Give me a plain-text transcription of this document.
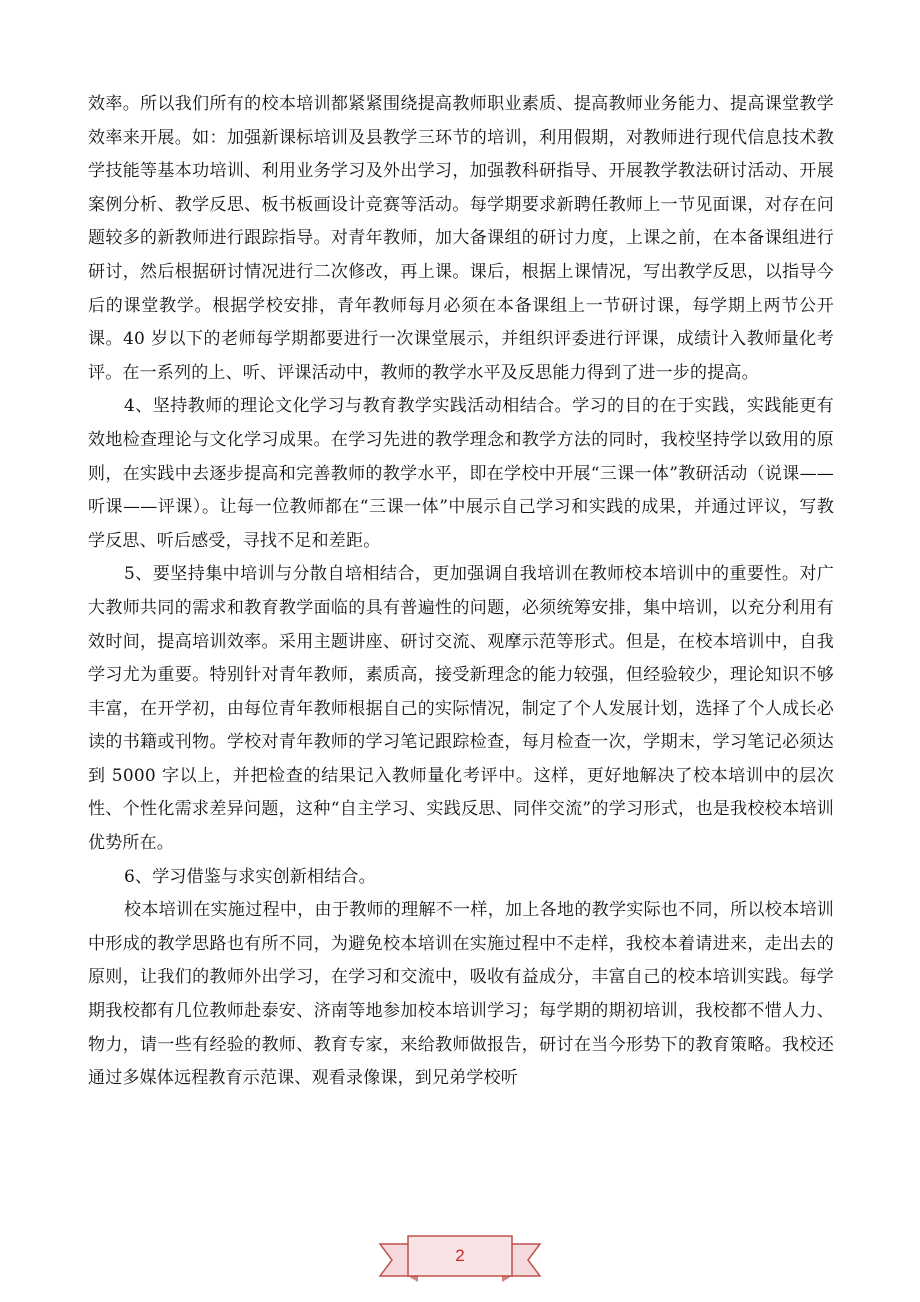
效率。所以我们所有的校本培训都紧紧围绕提高教师职业素质、提高教师业务能力、提高课堂教学效率来开展。如：加强新课标培训及县教学三环节的培训，利用假期，对教师进行现代信息技术教学技能等基本功培训、利用业务学习及外出学习，加强教科研指导、开展教学教法研讨活动、开展案例分析、教学反思、板书板画设计竞赛等活动。每学期要求新聘任教师上一节见面课，对存在问题较多的新教师进行跟踪指导。对青年教师，加大备课组的研讨力度，上课之前，在本备课组进行研讨，然后根据研讨情况进行二次修改，再上课。课后，根据上课情况，写出教学反思，以指导今后的课堂教学。根据学校安排，青年教师每月必须在本备课组上一节研讨课，每学期上两节公开课。40 岁以下的老师每学期都要进行一次课堂展示，并组织评委进行评课，成绩计入教师量化考评。在一系列的上、听、评课活动中，教师的教学水平及反思能力得到了进一步的提高。

4、坚持教师的理论文化学习与教育教学实践活动相结合。学习的目的在于实践，实践能更有效地检查理论与文化学习成果。在学习先进的教学理念和教学方法的同时，我校坚持学以致用的原则，在实践中去逐步提高和完善教师的教学水平，即在学校中开展“三课一体”教研活动（说课——听课——评课）。让每一位教师都在“三课一体”中展示自己学习和实践的成果，并通过评议，写教学反思、听后感受，寻找不足和差距。

5、要坚持集中培训与分散自培相结合，更加强调自我培训在教师校本培训中的重要性。对广大教师共同的需求和教育教学面临的具有普遍性的问题，必须统筹安排，集中培训，以充分利用有效时间，提高培训效率。采用主题讲座、研讨交流、观摩示范等形式。但是，在校本培训中，自我学习尤为重要。特别针对青年教师，素质高，接受新理念的能力较强，但经验较少，理论知识不够丰富，在开学初，由每位青年教师根据自己的实际情况，制定了个人发展计划，选择了个人成长必读的书籍或刊物。学校对青年教师的学习笔记跟踪检查，每月检查一次，学期末，学习笔记必须达到 5000 字以上，并把检查的结果记入教师量化考评中。这样，更好地解决了校本培训中的层次性、个性化需求差异问题，这种“自主学习、实践反思、同伴交流”的学习形式，也是我校校本培训优势所在。

6、学习借鉴与求实创新相结合。

校本培训在实施过程中，由于教师的理解不一样，加上各地的教学实际也不同，所以校本培训中形成的教学思路也有所不同，为避免校本培训在实施过程中不走样，我校本着请进来，走出去的原则，让我们的教师外出学习，在学习和交流中，吸收有益成分，丰富自己的校本培训实践。每学期我校都有几位教师赴泰安、济南等地参加校本培训学习；每学期的期初培训，我校都不惜人力、物力，请一些有经验的教师、教育专家，来给教师做报告，研讨在当今形势下的教育策略。我校还通过多媒体远程教育示范课、观看录像课，到兄弟学校听

2
